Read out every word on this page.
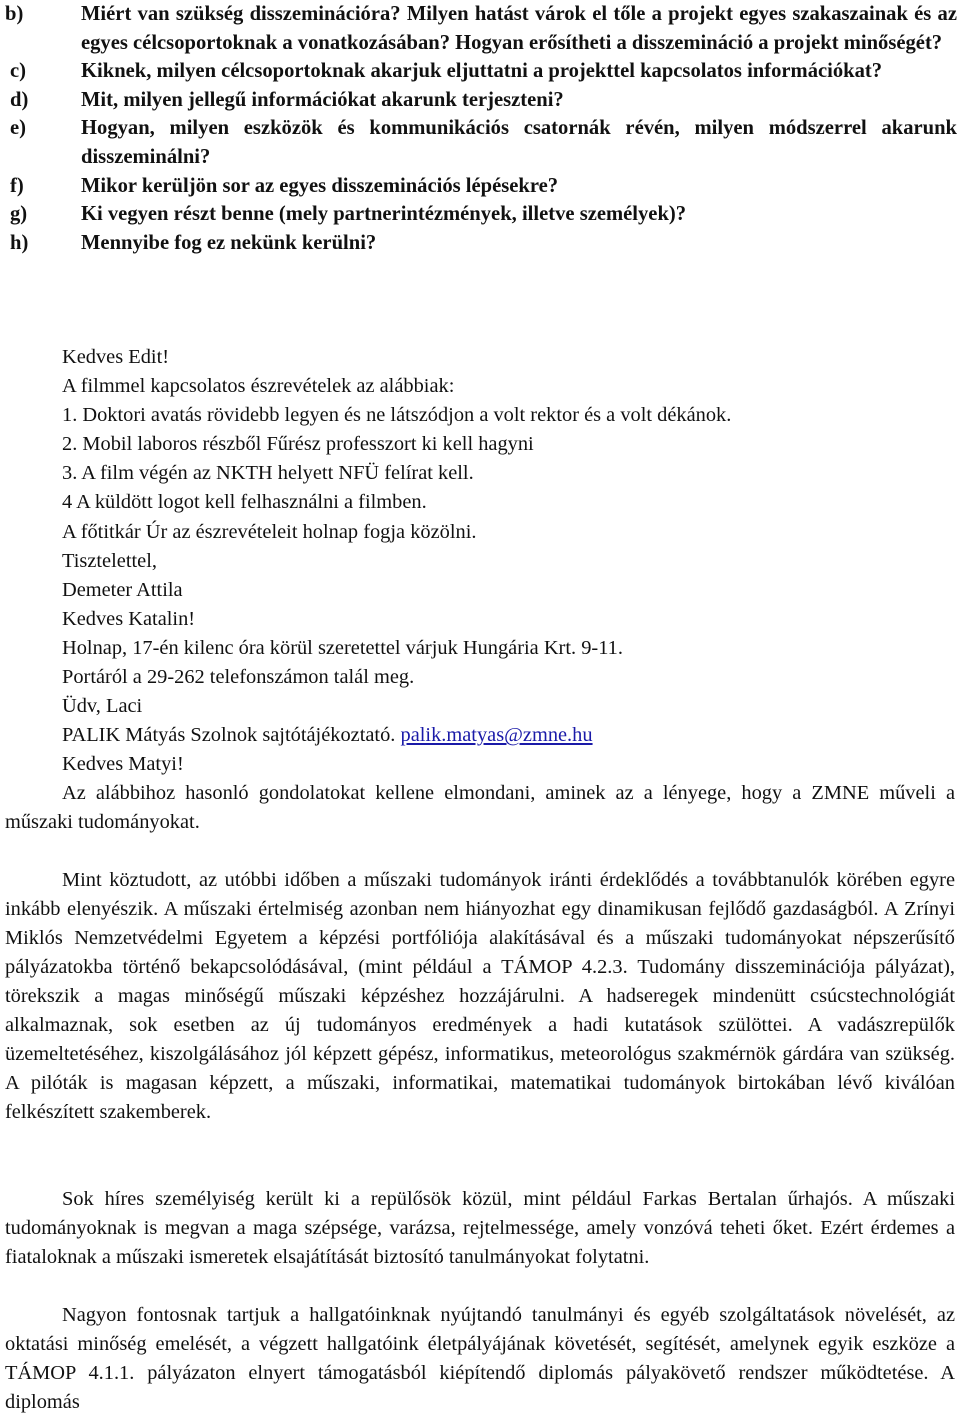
b)	Miért van szükség disszeminációra? Milyen hatást várok el tőle a projekt egyes szakaszainak és az egyes célcsoportoknak a vonatkozásában? Hogyan erősítheti a disszemináció a projekt minőségét?
c)	Kiknek, milyen célcsoportoknak akarjuk eljuttatni a projekttel kapcsolatos információkat?
d)	Mit, milyen jellegű információkat akarunk terjeszteni?
e)	Hogyan, milyen eszközök és kommunikációs csatornák révén, milyen módszerrel akarunk disszeminálni?
f)	Mikor kerüljön sor az egyes disszeminációs lépésekre?
g)	Ki vegyen részt benne (mely partnerintézmények, illetve személyek)?
h)	Mennyibe fog ez nekünk kerülni?
Kedves Edit!
A filmmel kapcsolatos észrevételek az alábbiak:
1. Doktori avatás rövidebb legyen és ne látszódjon a volt rektor és a volt dékánok.
2. Mobil laboros részből Fűrész professzort ki kell hagyni
3. A film végén az NKTH helyett NFÜ felírat kell.
4 A küldött logot kell felhasználni a filmben.
A főtitkár Úr az észrevételeit holnap fogja közölni.
Tisztelettel,
Demeter Attila
Kedves Katalin!
Holnap, 17-én kilenc óra körül szeretettel várjuk Hungária Krt. 9-11.
Portáról a 29-262 telefonszámon talál meg.
Üdv, Laci
PALIK Mátyás Szolnok sajtótájékoztató. palik.matyas@zmne.hu
Kedves Matyi!
Az alábbihoz hasonló gondolatokat kellene elmondani, aminek az a lényege, hogy a ZMNE műveli a műszaki tudományokat.
Mint köztudott, az utóbbi időben a műszaki tudományok iránti érdeklődés a továbbtanulók körében egyre inkább elenyészik. A műszaki értelmiség azonban nem hiányozhat egy dinamikusan fejlődő gazdaságból. A Zrínyi Miklós Nemzetvédelmi Egyetem a képzési portfóliója alakításával és a műszaki tudományokat népszerűsítő pályázatokba történő bekapcsolódásával, (mint például a TÁMOP 4.2.3. Tudomány disszeminációja pályázat), törekszik a magas minőségű műszaki képzéshez hozzájárulni. A hadseregek mindenütt csúcstechnológiát alkalmaznak, sok esetben az új tudományos eredmények a hadi kutatások szülöttei. A vadászrepülők üzemeltetéséhez, kiszolgálásához jól képzett gépész, informatikus, meteorológus szakmérnök gárdára van szükség. A pilóták is magasan képzett, a műszaki, informatikai, matematikai tudományok birtokában lévő kiválóan felkészített szakemberek.
Sok híres személyiség került ki a repülősök közül, mint például Farkas Bertalan űrhajós. A műszaki tudományoknak is megvan a maga szépsége, varázsa, rejtelmessége, amely vonzóvá teheti őket. Ezért érdemes a fiataloknak a műszaki ismeretek elsajátítását biztosító tanulmányokat folytatni.
Nagyon fontosnak tartjuk a hallgatóinknak nyújtandó tanulmányi és egyéb szolgáltatások növelését, az oktatási minőség emelését, a végzett hallgatóink életpályájának követését, segítését, amelynek egyik eszköze a TÁMOP 4.1.1. pályázaton elnyert támogatásból kiépítendő diplomás pályakövető rendszer működtetése. A diplomás
